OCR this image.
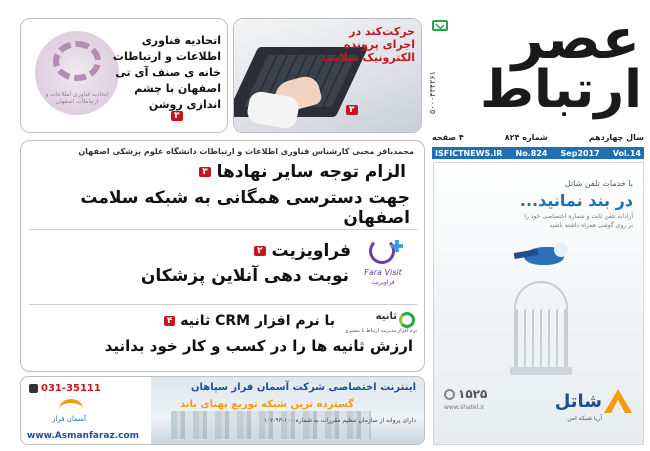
۵۰۰۰۴۳۴۲۶۱
عصر
ارتباط
سال چهاردهم
شماره ۸۲۴
۴ صفحه
ISFICTNEWS.IR No.824 Sep2017 Vol.14
حرکت‌کند در اجرای پرونده الکترونیک سلامت
۳
اتحادیه فناوری اطلاعات و ارتباطات اصفهان
اتحادیه فناوری اطلاعات و ارتباطات خانه ی صنف آی تی اصفهان با چشم اندازی روشن
۳
محمدباقر محبی کارشناس فناوری اطلاعات و ارتباطات دانشگاه علوم پزشکی اصفهان
الزام توجه سایر نهادها ۳
جهت دسترسی همگانی به شبکه سلامت اصفهان
Fara Visit
فراویزیت
فراویزیت ۲
نوبت دهی آنلاین پزشکان
ثانیه
نرم افزار مدیریت ارتباط با مشتری
با نرم افزار CRM ثانیه ۴
ارزش ثانیه ها را در کسب و کار خود بدانید
با خدمات تلفن شاتل
در بند نمانید...
آزادانه تلفن ثابت و شماره اختصاصی خود را
بر روی گوشی همراه داشته باشید
۱۵۲۵
www.shatel.ir	شاتل
آریا شبکه امن
031-35111
آسمان فراز
اینترنت اختصاصی شرکت آسمان فراز سپاهان
گسترده ترین شبکه توزیع پهنای باند
دارای پروانه از سازمان تنظیم مقررات به شماره ۱۰۰-۹۳-۱۰۲
www.Asmanfaraz.com
